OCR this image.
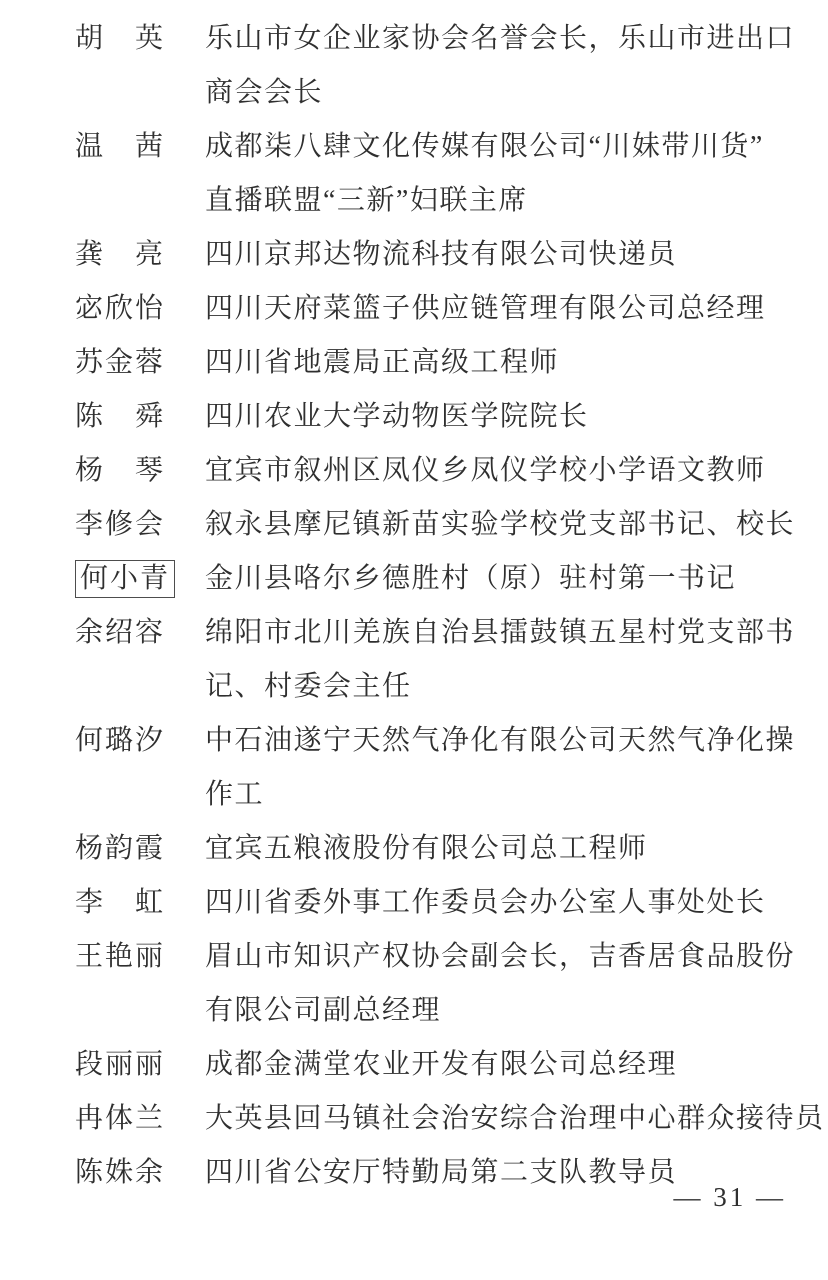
胡　英	乐山市女企业家协会名誉会长，乐山市进出口
商会会长
温　茜	成都柒八肆文化传媒有限公司“川妹带川货”
直播联盟“三新”妇联主席
龚　亮	四川京邦达物流科技有限公司快递员
宓欣怡	四川天府菜篮子供应链管理有限公司总经理
苏金蓉	四川省地震局正高级工程师
陈　舜	四川农业大学动物医学院院长
杨　琴	宜宾市叙州区凤仪乡凤仪学校小学语文教师
李修会	叙永县摩尼镇新苗实验学校党支部书记、校长
何小青	金川县咯尔乡德胜村（原）驻村第一书记
余绍容	绵阳市北川羌族自治县擂鼓镇五星村党支部书
记、村委会主任
何璐汐	中石油遂宁天然气净化有限公司天然气净化操
作工
杨韵霞	宜宾五粮液股份有限公司总工程师
李　虹	四川省委外事工作委员会办公室人事处处长
王艳丽	眉山市知识产权协会副会长，吉香居食品股份
有限公司副总经理
段丽丽	成都金满堂农业开发有限公司总经理
冉体兰	大英县回马镇社会治安综合治理中心群众接待员
陈姝余	四川省公安厅特勤局第二支队教导员
— 31 —
